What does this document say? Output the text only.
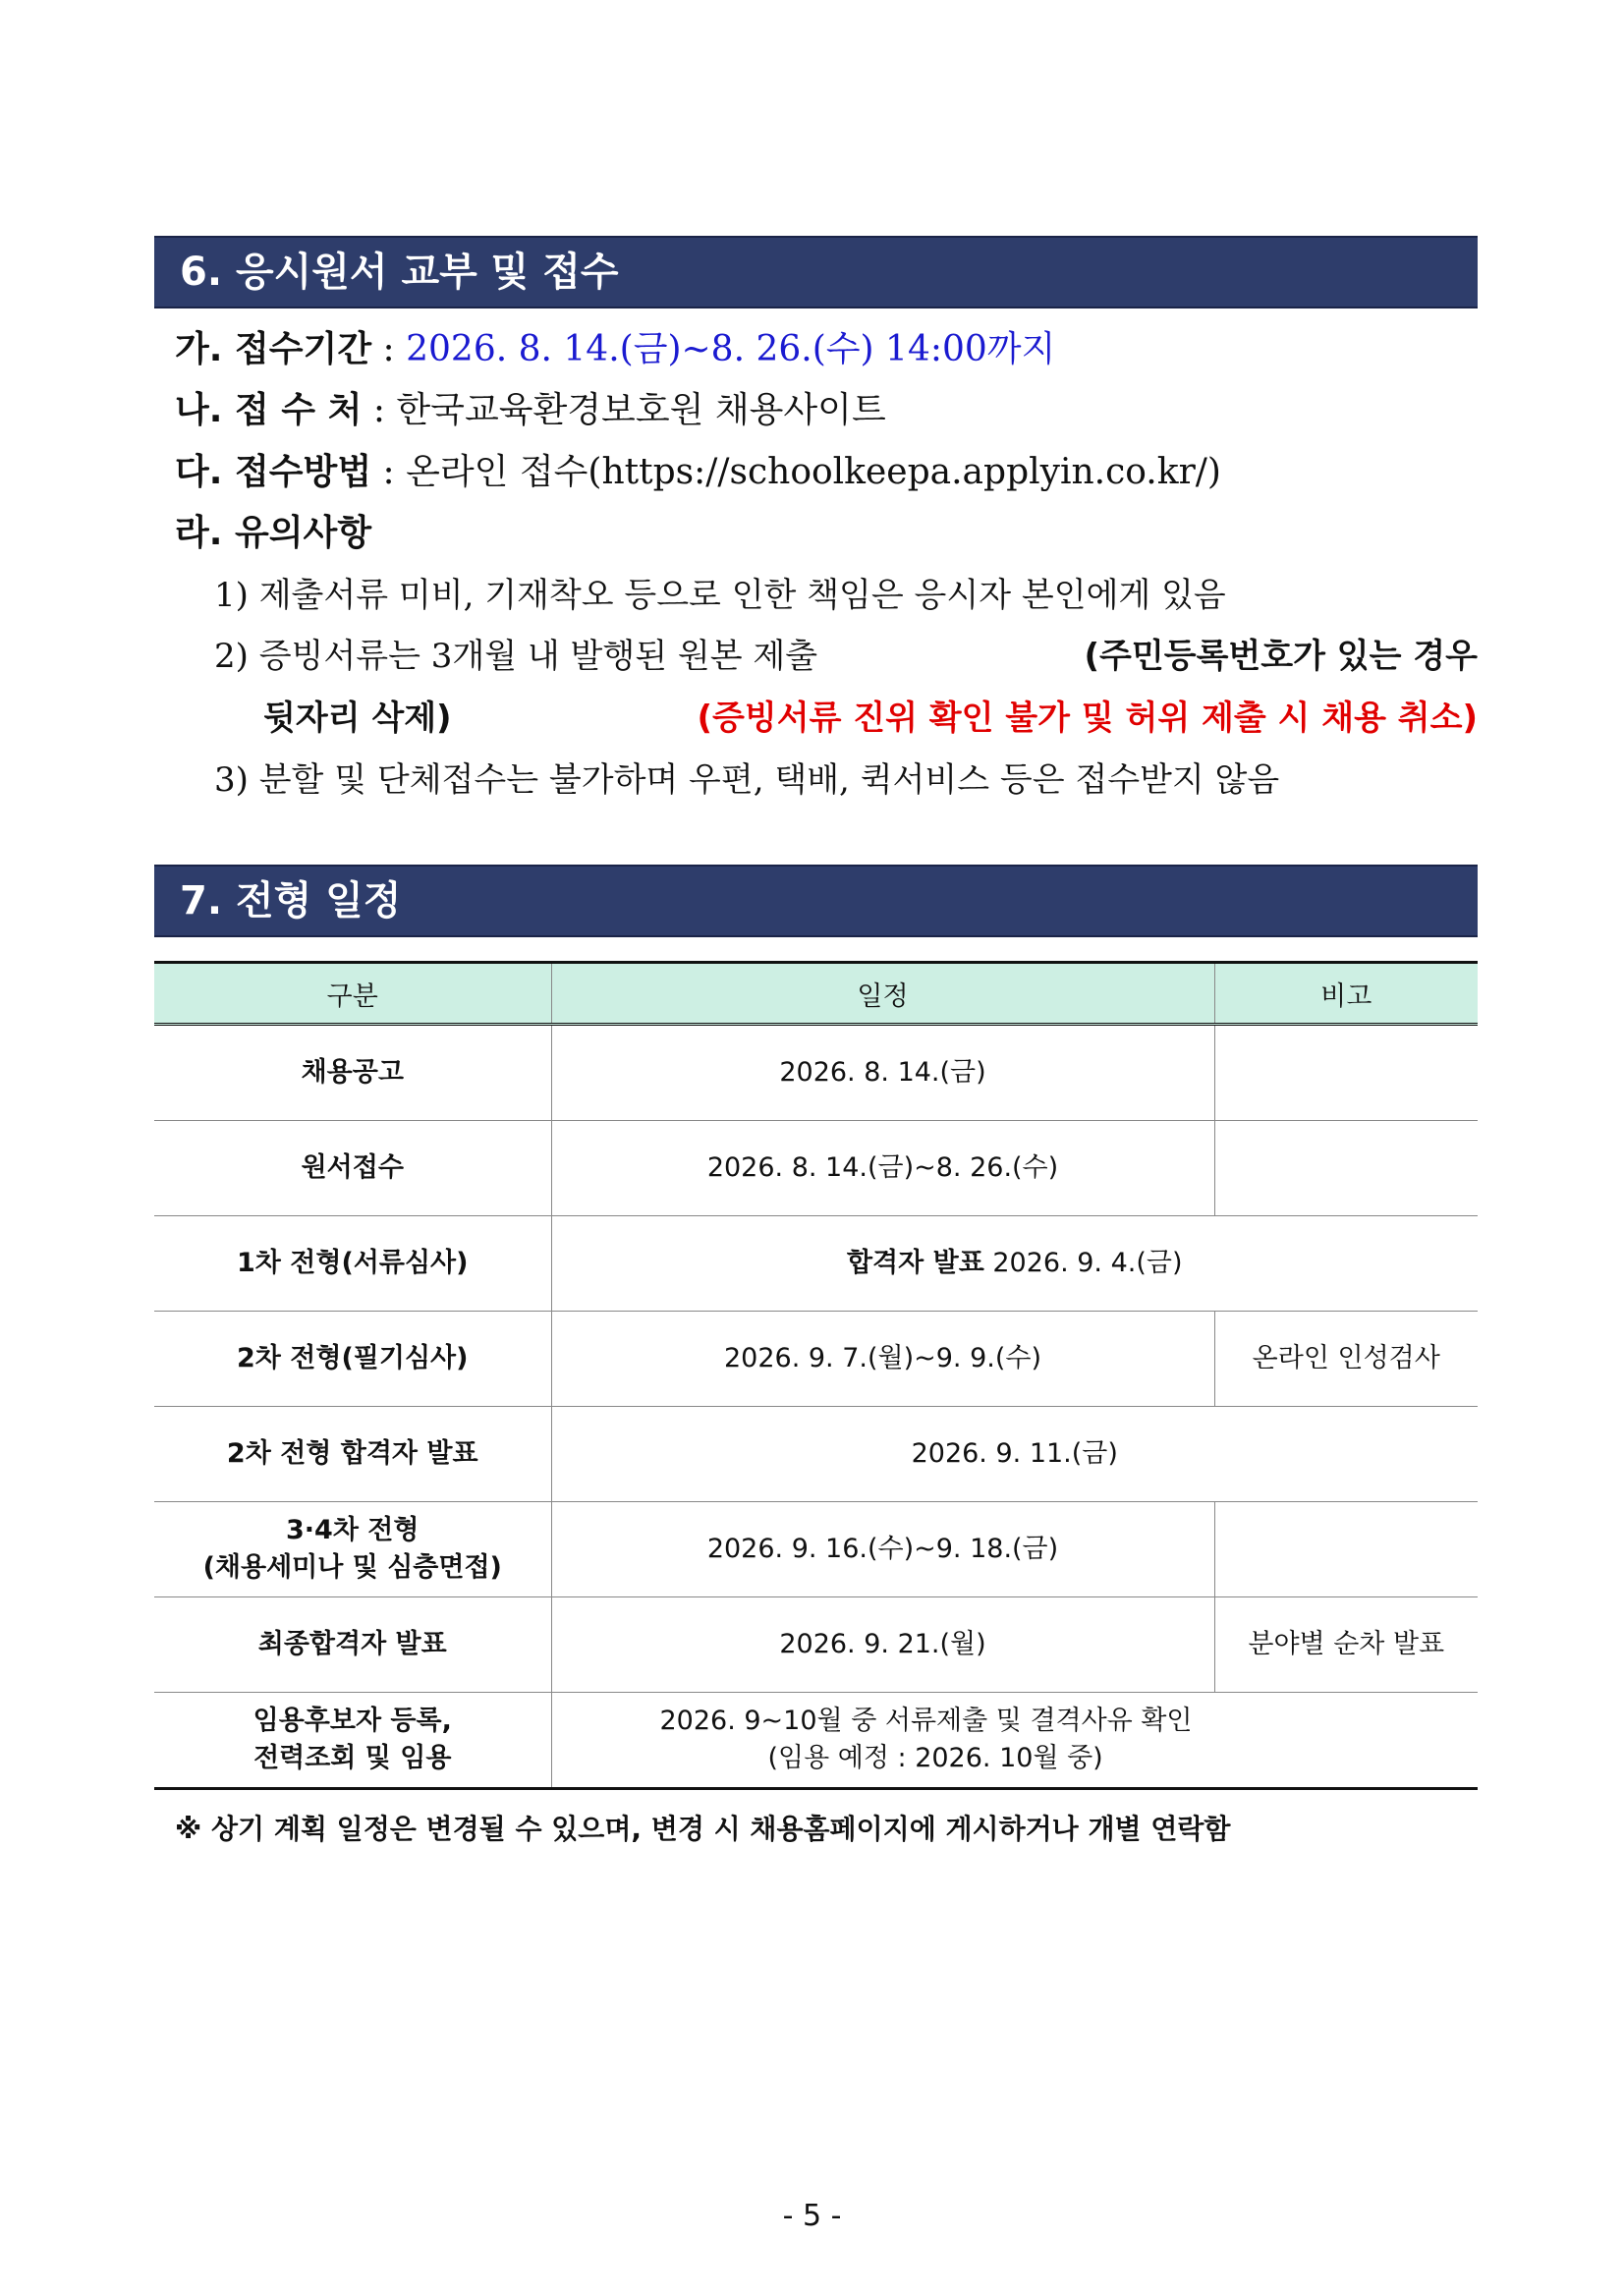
6. 응시원서 교부 및 접수
가. 접수기간 : 2026. 8. 14.(금)~8. 26.(수) 14:00까지
나. 접 수 처 : 한국교육환경보호원 채용사이트
다. 접수방법 : 온라인 접수(https://schoolkeepa.applyin.co.kr/)
라. 유의사항
1) 제출서류 미비, 기재착오 등으로 인한 책임은 응시자 본인에게 있음
2) 증빙서류는 3개월 내 발행된 원본 제출	(주민등록번호가 있는 경우
뒷자리 삭제)	(증빙서류 진위 확인 불가 및 허위 제출 시 채용 취소)
3) 분할 및 단체접수는 불가하며 우편, 택배, 퀵서비스 등은 접수받지 않음
7. 전형 일정
구분	일정	비고
채용공고	2026. 8. 14.(금)	
원서접수	2026. 8. 14.(금)~8. 26.(수)	
1차 전형(서류심사)	합격자 발표 2026. 9. 4.(금)	
2차 전형(필기심사)	2026. 9. 7.(월)~9. 9.(수)	온라인 인성검사
2차 전형 합격자 발표	2026. 9. 11.(금)	

3·4차 전형
(채용세미나 및 심층면접)	2026. 9. 16.(수)~9. 18.(금)	
최종합격자 발표	2026. 9. 21.(월)	분야별 순차 발표

임용후보자 등록,
전력조회 및 임용	2026. 9~10월 중 서류제출 및 결격사유 확인
(임용 예정 : 2026. 10월 중)	
※ 상기 계획 일정은 변경될 수 있으며, 변경 시 채용홈페이지에 게시하거나 개별 연락함
- 5 -
